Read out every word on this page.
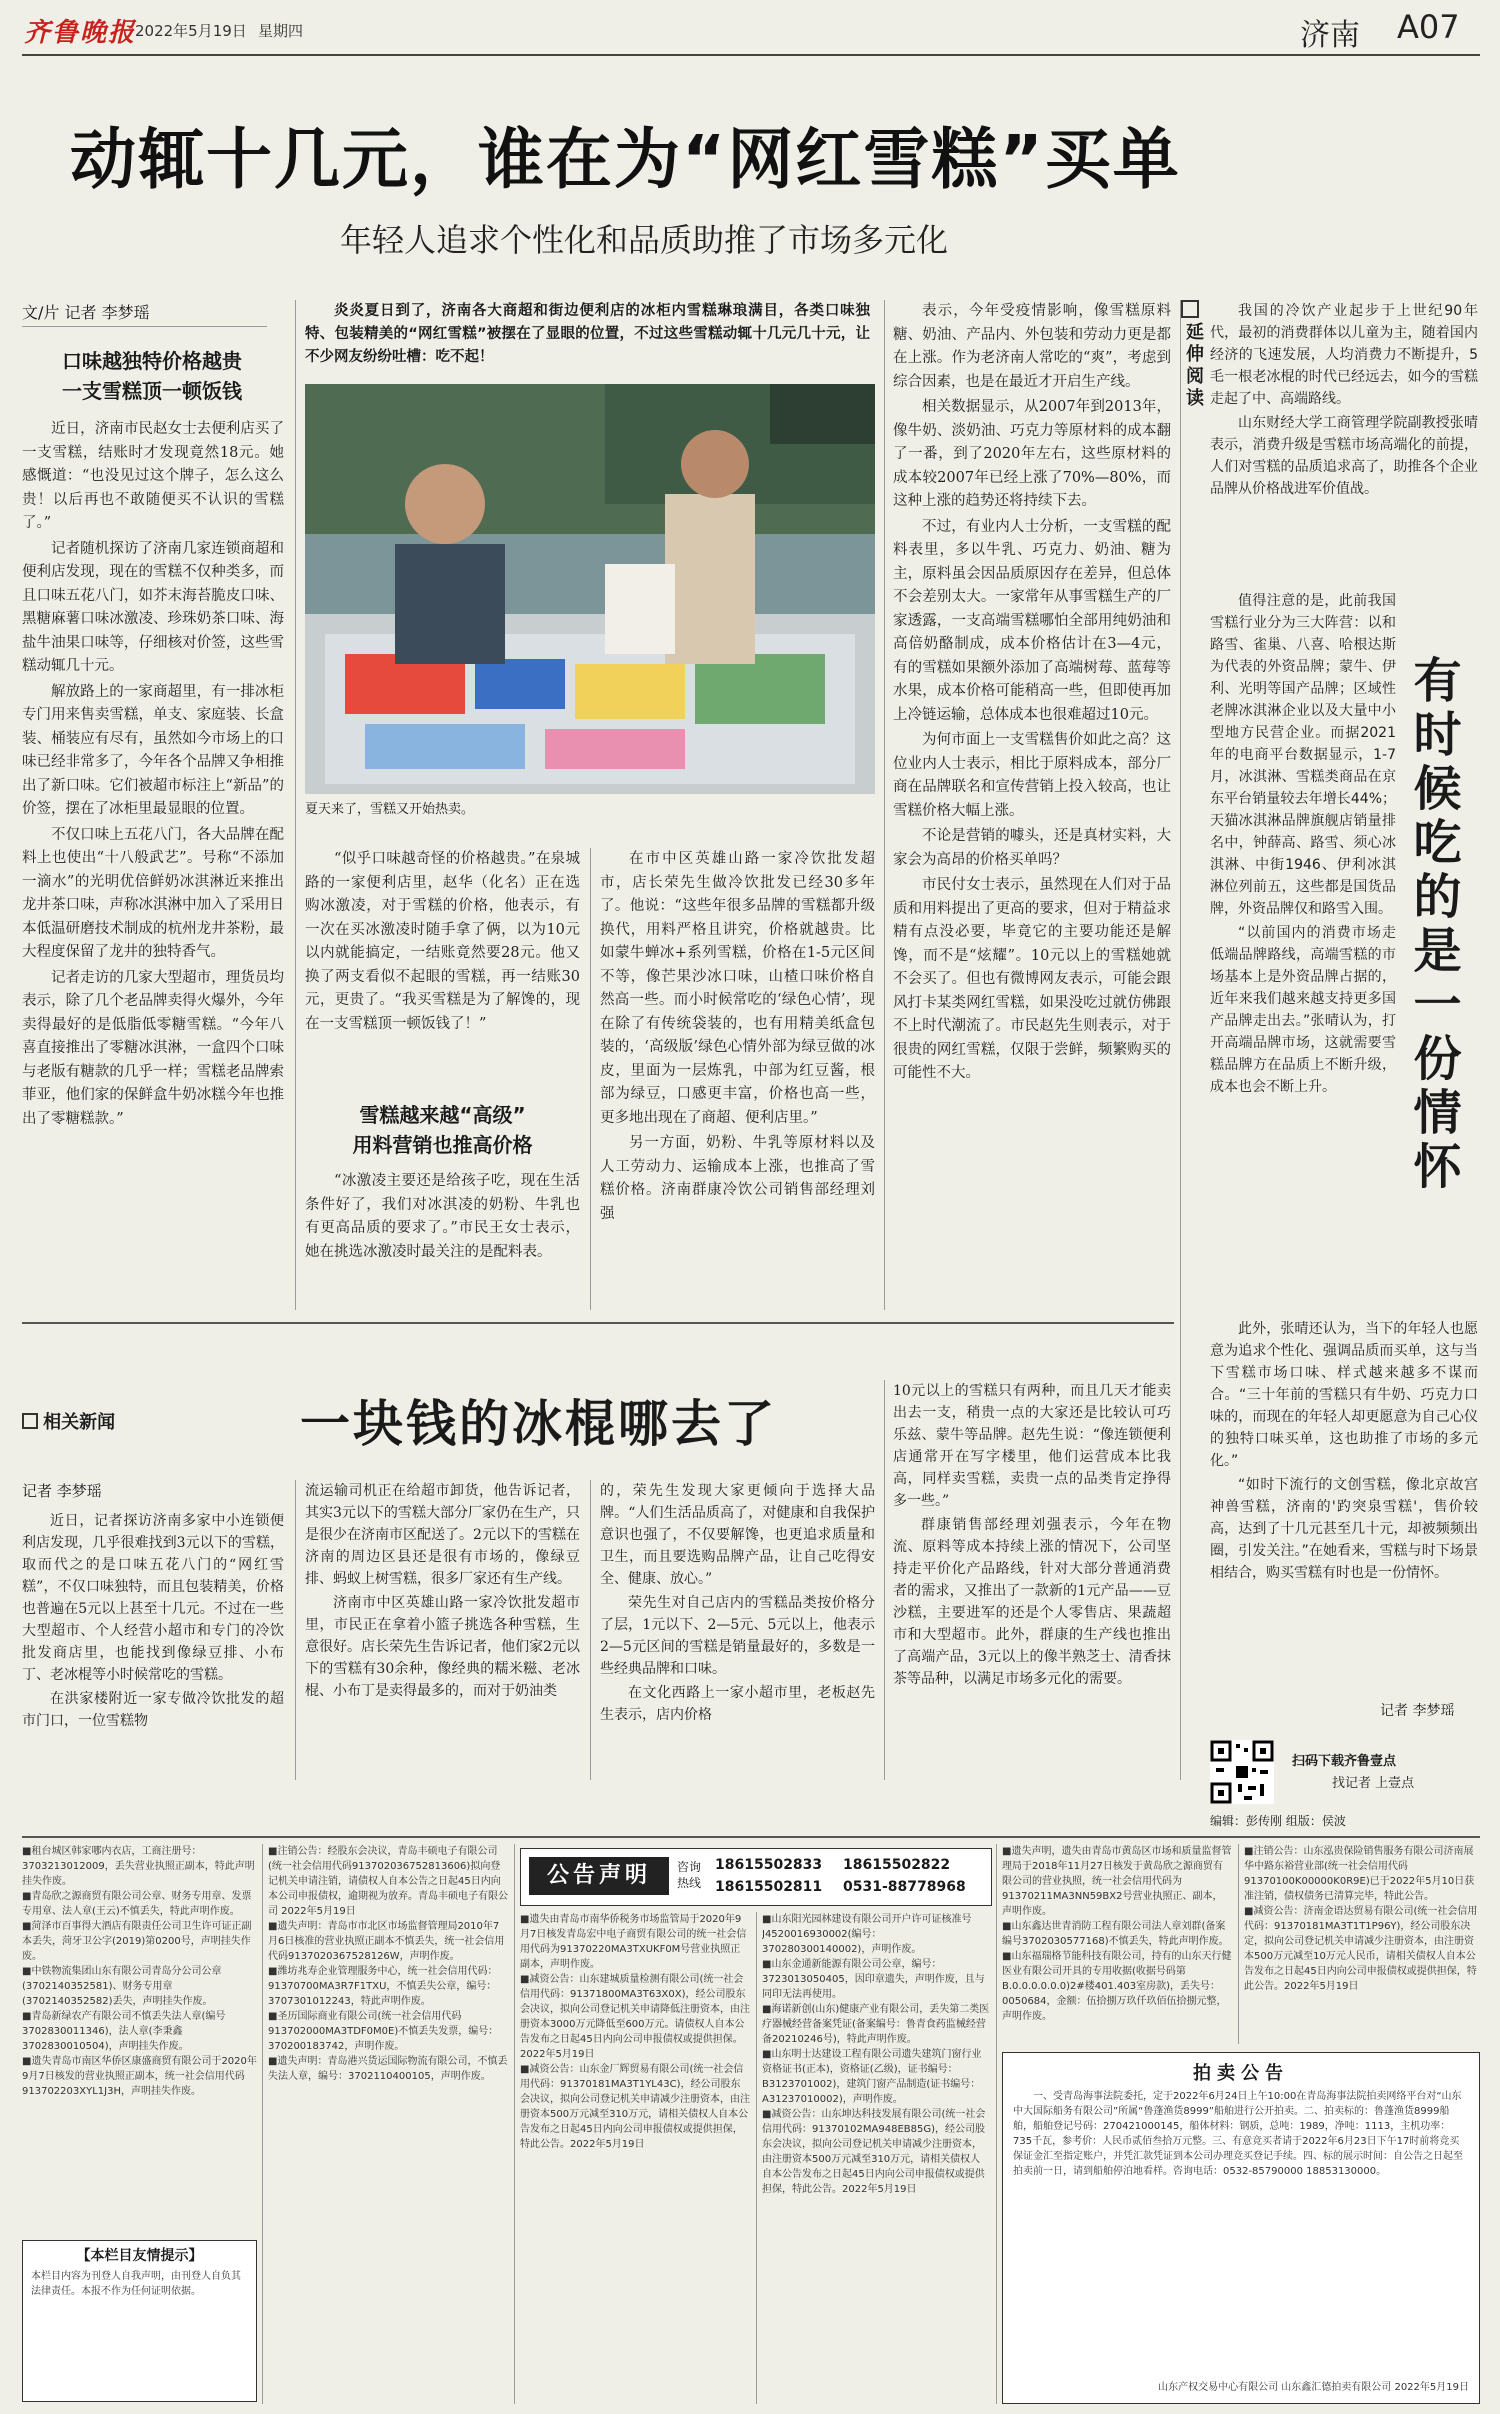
齐鲁晚报
2022年5月19日 星期四	济南 A07
动辄十几元，谁在为“网红雪糕”买单
年轻人追求个性化和品质助推了市场多元化
文/片 记者 李梦瑶
口味越独特价格越贵
一支雪糕顶一顿饭钱

近日，济南市民赵女士去便利店买了一支雪糕，结账时才发现竟然18元。她感慨道：“也没见过这个牌子，怎么这么贵！以后再也不敢随便买不认识的雪糕了。”

记者随机探访了济南几家连锁商超和便利店发现，现在的雪糕不仅种类多，而且口味五花八门，如芥末海苔脆皮口味、黑糖麻薯口味冰激凌、珍珠奶茶口味、海盐牛油果口味等，仔细核对价签，这些雪糕动辄几十元。

解放路上的一家商超里，有一排冰柜专门用来售卖雪糕，单支、家庭装、长盒装、桶装应有尽有，虽然如今市场上的口味已经非常多了，今年各个品牌又争相推出了新口味。它们被超市标注上“新品”的价签，摆在了冰柜里最显眼的位置。

不仅口味上五花八门，各大品牌在配料上也使出“十八般武艺”。号称“不添加一滴水”的光明优倍鲜奶冰淇淋近来推出龙井茶口味，声称冰淇淋中加入了采用日本低温研磨技术制成的杭州龙井茶粉，最大程度保留了龙井的独特香气。

记者走访的几家大型超市，理货员均表示，除了几个老品牌卖得火爆外，今年卖得最好的是低脂低零糖雪糕。“今年八喜直接推出了零糖冰淇淋，一盒四个口味与老版有糖款的几乎一样；雪糕老品牌索菲亚，他们家的保鲜盒牛奶冰糕今年也推出了零糖糕款。”

炎炎夏日到了，济南各大商超和街边便利店的冰柜内雪糕琳琅满目，各类口味独特、包装精美的“网红雪糕”被摆在了显眼的位置，不过这些雪糕动辄十几元几十元，让不少网友纷纷吐槽：吃不起！
夏天来了，雪糕又开始热卖。

“似乎口味越奇怪的价格越贵。”在泉城路的一家便利店里，赵华（化名）正在选购冰激凌，对于雪糕的价格，他表示，有一次在买冰激凌时随手拿了俩，以为10元以内就能搞定，一结账竟然要28元。他又换了两支看似不起眼的雪糕，再一结账30元，更贵了。“我买雪糕是为了解馋的，现在一支雪糕顶一顿饭钱了！”

雪糕越来越“高级”
用料营销也推高价格

“冰激凌主要还是给孩子吃，现在生活条件好了，我们对冰淇凌的奶粉、牛乳也有更高品质的要求了。”市民王女士表示，她在挑选冰激凌时最关注的是配料表。

在市中区英雄山路一家冷饮批发超市，店长荣先生做冷饮批发已经30多年了。他说：“这些年很多品牌的雪糕都升级换代，用料严格且讲究，价格就越贵。比如蒙牛蝉冰+系列雪糕，价格在1-5元区间不等，像芒果沙冰口味，山楂口味价格自然高一些。而小时候常吃的‘绿色心情’，现在除了有传统袋装的，也有用精美纸盒包装的，‘高级版’绿色心情外部为绿豆做的冰皮，里面为一层炼乳，中部为红豆酱，根部为绿豆，口感更丰富，价格也高一些，更多地出现在了商超、便利店里。”

另一方面，奶粉、牛乳等原材料以及人工劳动力、运输成本上涨，也推高了雪糕价格。济南群康冷饮公司销售部经理刘强

表示，今年受疫情影响，像雪糕原料糖、奶油、产品内、外包装和劳动力更是都在上涨。作为老济南人常吃的“爽”，考虑到综合因素，也是在最近才开启生产线。

相关数据显示，从2007年到2013年，像牛奶、淡奶油、巧克力等原材料的成本翻了一番，到了2020年左右，这些原材料的成本较2007年已经上涨了70%—80%，而这种上涨的趋势还将持续下去。

不过，有业内人士分析，一支雪糕的配料表里，多以牛乳、巧克力、奶油、糖为主，原料虽会因品质原因存在差异，但总体不会差别太大。一家常年从事雪糕生产的厂家透露，一支高端雪糕哪怕全部用纯奶油和高倍奶酪制成，成本价格估计在3—4元，有的雪糕如果额外添加了高端树莓、蓝莓等水果，成本价格可能稍高一些，但即使再加上冷链运输，总体成本也很难超过10元。

为何市面上一支雪糕售价如此之高？这位业内人士表示，相比于原料成本，部分厂商在品牌联名和宣传营销上投入较高，也让雪糕价格大幅上涨。

不论是营销的噱头，还是真材实料，大家会为高昂的价格买单吗？

市民付女士表示，虽然现在人们对于品质和用料提出了更高的要求，但对于精益求精有点没必要，毕竟它的主要功能还是解馋，而不是“炫耀”。10元以上的雪糕她就不会买了。但也有微博网友表示，可能会跟风打卡某类网红雪糕，如果没吃过就仿佛跟不上时代潮流了。市民赵先生则表示，对于很贵的网红雪糕，仅限于尝鲜，频繁购买的可能性不大。

延伸阅读
有时候吃的是一份情怀

我国的冷饮产业起步于上世纪90年代，最初的消费群体以儿童为主，随着国内经济的飞速发展，人均消费力不断提升，5毛一根老冰棍的时代已经远去，如今的雪糕走起了中、高端路线。

山东财经大学工商管理学院副教授张晴表示，消费升级是雪糕市场高端化的前提，人们对雪糕的品质追求高了，助推各个企业品牌从价格战进军价值战。

值得注意的是，此前我国雪糕行业分为三大阵营：以和路雪、雀巢、八喜、哈根达斯为代表的外资品牌；蒙牛、伊利、光明等国产品牌；区域性老牌冰淇淋企业以及大量中小型地方民营企业。而据2021年的电商平台数据显示，1-7月，冰淇淋、雪糕类商品在京东平台销量较去年增长44%；天猫冰淇淋品牌旗舰店销量排名中，钟薛高、路雪、须心冰淇淋、中街1946、伊利冰淇淋位列前五，这些都是国货品牌，外资品牌仅和路雪入围。

“以前国内的消费市场走低端品牌路线，高端雪糕的市场基本上是外资品牌占据的，近年来我们越来越支持更多国产品牌走出去。”张晴认为，打开高端品牌市场，这就需要雪糕品牌方在品质上不断升级，成本也会不断上升。

此外，张晴还认为，当下的年轻人也愿意为追求个性化、强调品质而买单，这与当下雪糕市场口味、样式越来越多不谋而合。“三十年前的雪糕只有牛奶、巧克力口味的，而现在的年轻人却更愿意为自己心仪的独特口味买单，这也助推了市场的多元化。”

“如时下流行的文创雪糕，像北京故宫神兽雪糕，济南的'趵突泉雪糕'，售价较高，达到了十几元甚至几十元，却被频频出圈，引发关注。”在她看来，雪糕与时下场景相结合，购买雪糕有时也是一份情怀。

记者 李梦瑶
扫码下载齐鲁壹点
找记者 上壹点
编辑：彭传刚 组版：侯波
相关新闻	一块钱的冰棍哪去了
记者 李梦瑶

近日，记者探访济南多家中小连锁便利店发现，几乎很难找到3元以下的雪糕，取而代之的是口味五花八门的“网红雪糕”，不仅口味独特，而且包装精美，价格也普遍在5元以上甚至十几元。不过在一些大型超市、个人经营小超市和专门的冷饮批发商店里，也能找到像绿豆排、小布丁、老冰棍等小时候常吃的雪糕。

在洪家楼附近一家专做冷饮批发的超市门口，一位雪糕物

流运输司机正在给超市卸货，他告诉记者，其实3元以下的雪糕大部分厂家仍在生产，只是很少在济南市区配送了。2元以下的雪糕在济南的周边区县还是很有市场的，像绿豆排、蚂蚁上树雪糕，很多厂家还有生产线。

济南市中区英雄山路一家冷饮批发超市里，市民正在拿着小篮子挑选各种雪糕，生意很好。店长荣先生告诉记者，他们家2元以下的雪糕有30余种，像经典的糯米糍、老冰棍、小布丁是卖得最多的，而对于奶油类

的，荣先生发现大家更倾向于选择大品牌。“人们生活品质高了，对健康和自我保护意识也强了，不仅要解馋，也更追求质量和卫生，而且要选购品牌产品，让自己吃得安全、健康、放心。”

荣先生对自己店内的雪糕品类按价格分了层，1元以下、2—5元、5元以上，他表示2—5元区间的雪糕是销量最好的，多数是一些经典品牌和口味。

在文化西路上一家小超市里，老板赵先生表示，店内价格

10元以上的雪糕只有两种，而且几天才能卖出去一支，稍贵一点的大家还是比较认可巧乐兹、蒙牛等品牌。赵先生说：“像连锁便利店通常开在写字楼里，他们运营成本比我高，同样卖雪糕，卖贵一点的品类肯定挣得多一些。”

群康销售部经理刘强表示，今年在物流、原料等成本持续上涨的情况下，公司坚持走平价化产品路线，针对大部分普通消费者的需求，又推出了一款新的1元产品——豆沙糕，主要进军的还是个人零售店、果蔬超市和大型超市。此外，群康的生产线也推出了高端产品，3元以上的像半熟芝士、清香抹茶等品种，以满足市场多元化的需要。

■租台城区韩家哪内衣店，工商注册号：3703213012009，丢失营业执照正副本，特此声明挂失作废。
■青岛欣之源商贸有限公司公章、财务专用章、发票专用章、法人章(王云)不慎丢失，特此声明作废。
■菏泽市百事得大酒店有限责任公司卫生许可证正副本丢失，菏牙卫公字(2019)第0200号，声明挂失作废。
■中铁物流集团山东有限公司青岛分公司公章(3702140352581)、财务专用章(3702140352582)丢失，声明挂失作废。
■青岛新绿农产有限公司不慎丢失法人章(编号3702830011346)，法人章(李秉鑫3702830010504)，声明挂失作废。
■遗失青岛市南区华侨区康盛商贸有限公司于2020年9月7日核发的营业执照正副本，统一社会信用代码913702203XYL1J3H，声明挂失作废。
【本栏目友情提示】
本栏目内容为刊登人自我声明，由刊登人自负其法律责任。本报不作为任何证明依据。
■注销公告：经股东会决议，青岛丰硕电子有限公司(统一社会信用代码913702036752813606)拟向登记机关申请注销，请债权人自本公告之日起45日内向本公司申报债权，逾期视为放弃。青岛丰硕电子有限公司 2022年5月19日
■遗失声明：青岛市市北区市场监督管理局2010年7月6日核准的营业执照正副本不慎丢失，统一社会信用代码9137020367528126W，声明作废。
■潍坊兆寿企业管理服务中心，统一社会信用代码：91370700MA3R7F1TXU，不慎丢失公章，编号：3707301012243，特此声明作废。
■圣历国际商业有限公司(统一社会信用代码913702000MA3TDF0M0E)不慎丢失发票，编号：370200183742，声明作废。
■遗失声明：青岛港兴货运国际物流有限公司，不慎丢失法人章，编号：3702110400105，声明作废。
公告声明	咨询热线
18615502833 18615502822
18615502811 0531-88778968
■遗失由青岛市南华侨税务市场监管局于2020年9月7日核发青岛宏中电子商贸有限公司的统一社会信用代码为91370220MA3TXUKF0M号营业执照正副本，声明作废。
■减资公告：山东建城质量检测有限公司(统一社会信用代码：91371800MA3T63X0X)，经公司股东会决议，拟向公司登记机关申请降低注册资本，由注册资本3000万元降低至600万元。请债权人自本公告发布之日起45日内向公司申报债权或提供担保。2022年5月19日
■减资公告：山东金厂辉贸易有限公司(统一社会信用代码：91370181MA3T1YL43C)，经公司股东会决议，拟向公司登记机关申请减少注册资本，由注册资本500万元减至310万元，请相关债权人自本公告发布之日起45日内向公司申报债权或提供担保，特此公告。2022年5月19日
■山东阳光园林建设有限公司开户许可证核准号J4520016930002(编号：370280300140002)，声明作废。
■山东金通新能源有限公司公章，编号：3723013050405，因印章遗失，声明作废，且与同印无法再使用。
■海诺新创(山东)健康产业有限公司，丢失第二类医疗器械经营备案凭证(备案编号：鲁青食药监械经营备20210246号)，特此声明作废。
■山东明士达建设工程有限公司遗失建筑门窗行业资格证书(正本)，资格证(乙级)，证书编号：B3123701002)，建筑门窗产品制造(证书编号：A31237010002)，声明作废。
■减资公告：山东坤达科技发展有限公司(统一社会信用代码：91370102MA948EB85G)，经公司股东会决议，拟向公司登记机关申请减少注册资本，由注册资本500万元减至310万元，请相关债权人自本公告发布之日起45日内向公司申报债权或提供担保，特此公告。2022年5月19日
■遗失声明，遗失由青岛市黄岛区市场和质量监督管理局于2018年11月27日核发于黄岛欣之源商贸有限公司的营业执照，统一社会信用代码为91370211MA3NN59BX2号营业执照正、副本，声明作废。
■山东鑫达世青消防工程有限公司法人章刘群(备案编号3702030577168)不慎丢失，特此声明作废。
■山东福瑞格节能科技有限公司，持有的山东天行健医业有限公司开具的专用收据(收据号码第B.0.0.0.0.0.0)2#楼401.403室房款)，丢失号：0050684，金额：伍拾捌万玖仟玖佰伍拾捌元整，声明作废。
■注销公告：山东泓贵保险销售服务有限公司济南展华中路东裕营业部(统一社会信用代码91370100K00000K0R9E)已于2022年5月10日获准注销，债权债务已清算完毕，特此公告。
■减资公告：济南金语达贸易有限公司(统一社会信用代码：91370181MA3T1T1P96Y)，经公司股东决定，拟向公司登记机关申请减少注册资本，由注册资本500万元减至10万元人民币，请相关债权人自本公告发布之日起45日内向公司申报债权或提供担保，特此公告。2022年5月19日
拍卖公告
一、受青岛海事法院委托，定于2022年6月24日上午10:00在青岛海事法院拍卖网络平台对“山东中大国际船务有限公司”所属“鲁蓬渔货8999”船舶进行公开拍卖。二、拍卖标的：鲁蓬渔货8999船舶，船舶登记号码：270421000145，船体材料：钢质，总吨：1989，净吨：1113，主机功率：735千瓦，参考价：人民币贰佰叁拾万元整。三、有意竞买者请于2022年6月23日下午17时前将竞买保证金汇至指定账户，并凭汇款凭证到本公司办理竞买登记手续。四、标的展示时间：自公告之日起至拍卖前一日，请到船舶停泊地看样。咨询电话：0532-85790000 18853130000。
山东产权交易中心有限公司 山东鑫汇德拍卖有限公司 2022年5月19日
